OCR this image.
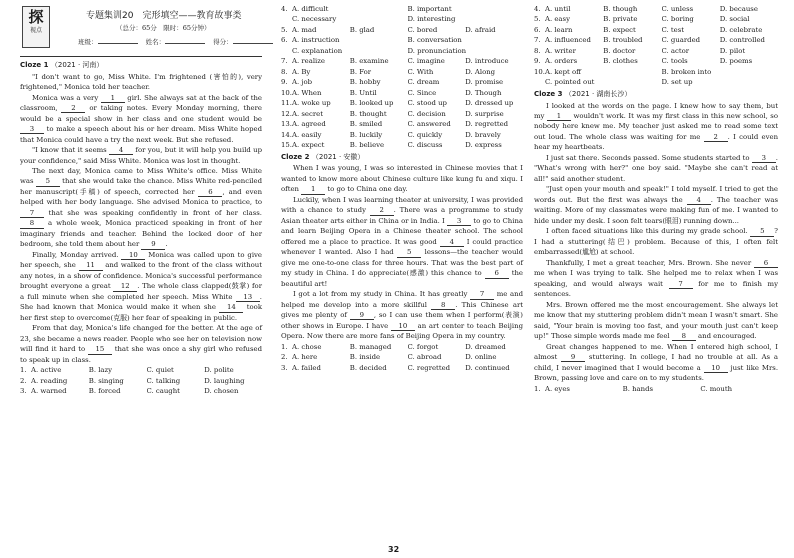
探
视点
专题集训20　完形填空——教育故事类
（总分：65分　限时：65分钟）
班级：	姓名：	得分：
Cloze 1 （2021 · 河南）

"I don't want to go, Miss White. I'm frightened (害怕的), very frightened," Monica told her teacher.

Monica was a very 1 girl. She always sat at the back of the classroom, 2 or taking notes. Every Monday morning, there would be a special show in her class and one student would be 3 to make a speech about his or her dream. Miss White hoped that Monica could have a try the next week. But she refused.

"I know that it seems 4 for you, but it will help you build up your confidence," said Miss White. Monica was lost in thought.

The next day, Monica came to Miss White's office. Miss White was 5 that she would take the chance. Miss White red-penciled her manuscript(手稿) of speech, corrected her 6 , and even helped with her body language. She advised Monica to practice, to 7 that she was speaking confidently in front of her class. 8 a whole week, Monica practiced speaking in front of her imaginary friends and teacher. Behind the locked door of her bedroom, she told them about her 9 .

Finally, Monday arrived. 10 Monica was called upon to give her speech, she 11 and walked to the front of the class without any notes, in a show of confidence. Monica's successful performance brought everyone a great 12 . The whole class clapped(鼓掌) for a full minute when she completed her speech. Miss White 13 . She had known that Monica would make it when she 14 took her first step to overcome(克服) her fear of speaking in public.

From that day, Monica's life changed for the better. At the age of 23, she became a news reader. People who see her on television now will find it hard to 15 that she was once a shy girl who refused to speak up in class.

1. A. active	B. lazy	C. quiet	D. polite
2. A. reading	B. singing	C. talking	D. laughing
3. A. warned	B. forced	C. caught	D. chosen
4. A. difficult	B. important
C. necessary	D. interesting
5. A. mad	B. glad	C. bored	D. afraid
6. A. instruction	B. conversation
C. explanation	D. pronunciation
7. A. realize	B. examine	C. imagine	D. introduce
8. A. By	B. For	C. With	D. Along
9. A. job	B. hobby	C. dream	D. promise
10. A. When	B. Until	C. Since	D. Though
11. A. woke up	B. looked up	C. stood up	D. dressed up
12. A. secret	B. thought	C. decision	D. surprise
13. A. agreed	B. smiled	C. answered	D. regretted
14. A. easily	B. luckily	C. quickly	D. bravely
15. A. expect	B. believe	C. discuss	D. express
Cloze 2 （2021 · 安徽）

When I was young, I was so interested in Chinese movies that I wanted to know more about Chinese culture like kung fu and xiqu. I often 1 to go to China one day.

Luckily, when I was learning theater at university, I was provided with a chance to study 2 . There was a programme to study Asian theater arts either in China or in India. I 3 to go to China and learn Beijing Opera in a Chinese theater school. The school offered me a place to practice. It was good 4 I could practice whenever I wanted. Also I had 5 lessons—the teacher would give me one-to-one class for three hours. That was the best part of my study in China. I do appreciate(感激) this chance to 6 the beautiful art!

I got a lot from my study in China. It has greatly 7 me and helped me develop into a more skillful 8 . This Chinese art gives me plenty of 9 , so I can use them when I perform(表演) other shows in Europe. I have 10 an art center to teach Beijing Opera. Now there are more fans of Beijing Opera in my country.

1. A. chose	B. managed	C. forgot	D. dreamed
2. A. here	B. inside	C. abroad	D. online
3. A. failed	B. decided	C. regretted	D. continued
4. A. until	B. though	C. unless	D. because
5. A. easy	B. private	C. boring	D. social
6. A. learn	B. expect	C. test	D. celebrate
7. A. influenced	B. troubled	C. guarded	D. controlled
8. A. writer	B. doctor	C. actor	D. pilot
9. A. orders	B. clothes	C. tools	D. poems
10. A. kept off	B. broken into
C. pointed out	D. set up
Cloze 3 （2021 · 湖南长沙）

I looked at the words on the page. I knew how to say them, but my 1 wouldn't work. It was my first class in this new school, so nobody here knew me. My teacher just asked me to read some text out loud. The whole class was waiting for me 2 . I could even hear my heartbeats.

I just sat there. Seconds passed. Some students started to 3 . "What's wrong with her?" one boy said. "Maybe she can't read at all!" said another student.

"Just open your mouth and speak!" I told myself. I tried to get the words out. But the first was always the 4 . The teacher was waiting. More of my classmates were making fun of me. I wanted to hide under my desk. I soon felt tears(眼泪) running down...

I often faced situations like this during my grade school. 5 ? I had a stuttering(结巴) problem. Because of this, I often felt embarrassed(尴尬) at school.

Thankfully, I met a great teacher, Mrs. Brown. She never 6 me when I was trying to talk. She helped me to relax when I was speaking, and would always wait 7 for me to finish my sentences.

Mrs. Brown offered me the most encouragement. She always let me know that my stuttering problem didn't mean I wasn't smart. She said, "Your brain is moving too fast, and your mouth just can't keep up!" Those simple words made me feel 8 and encouraged.

Great changes happened to me. When I entered high school, I almost 9 stuttering. In college, I had no trouble at all. As a child, I never imagined that I would become a 10 just like Mrs. Brown, passing love and care on to my students.

1. A. eyes	B. hands	C. mouth
32
